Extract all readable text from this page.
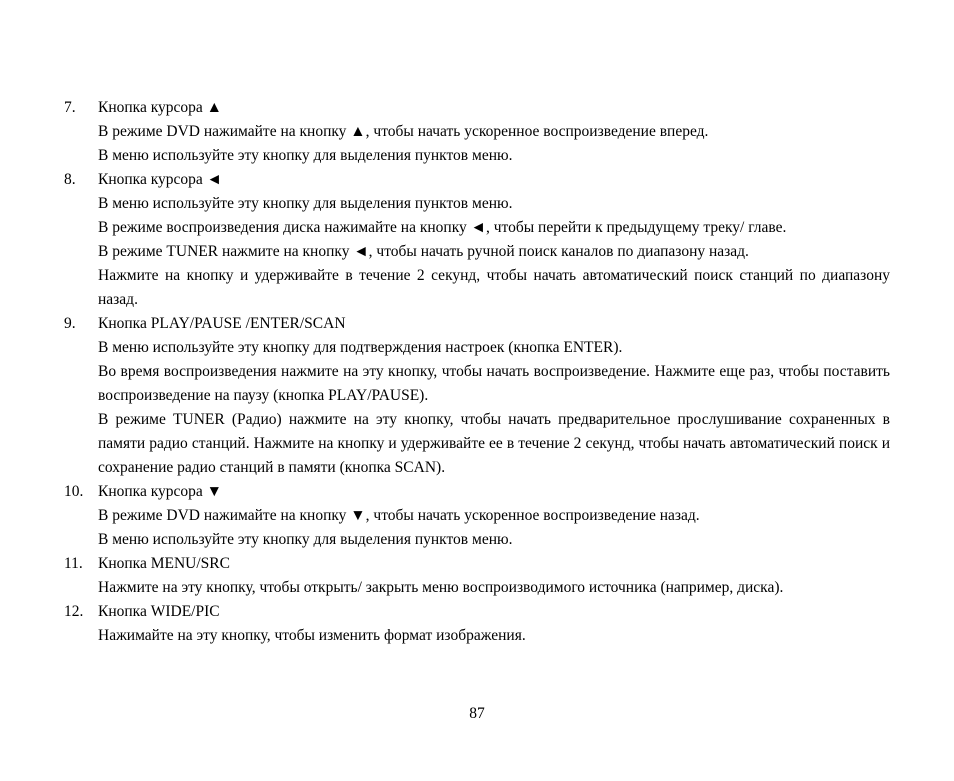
7.	Кнопка курсора ▲

В режиме DVD нажимайте на кнопку ▲, чтобы начать ускоренное воспроизведение вперед.

В меню используйте эту кнопку для выделения пунктов меню.

8.	Кнопка курсора ◄

В меню используйте эту кнопку для выделения пунктов меню.

В режиме воспроизведения диска нажимайте на кнопку ◄, чтобы перейти к предыдущему треку/ главе.

В режиме TUNER нажмите на кнопку ◄, чтобы начать ручной поиск каналов по диапазону назад.

Нажмите на кнопку и удерживайте в течение 2 секунд, чтобы начать автоматический поиск станций по диапазону назад.

9.	Кнопка PLAY/PAUSE /ENTER/SCAN

В меню используйте эту кнопку для подтверждения настроек (кнопка ENTER).

Во время воспроизведения нажмите на эту кнопку, чтобы начать воспроизведение. Нажмите еще раз, чтобы поставить воспроизведение на паузу (кнопка PLAY/PAUSE).

В режиме TUNER (Радио) нажмите на эту кнопку, чтобы начать предварительное прослушивание сохраненных в памяти радио станций. Нажмите на кнопку и удерживайте ее в течение 2 секунд, чтобы начать автоматический поиск и сохранение радио станций в памяти (кнопка SCAN).

10. Кнопка курсора ▼

В режиме DVD нажимайте на кнопку ▼, чтобы начать ускоренное воспроизведение назад.

В меню используйте эту кнопку для выделения пунктов меню.

11. Кнопка MENU/SRC

Нажмите на эту кнопку, чтобы открыть/ закрыть меню воспроизводимого источника (например, диска).

12. Кнопка WIDE/PIC

Нажимайте на эту кнопку, чтобы изменить формат изображения.

87
